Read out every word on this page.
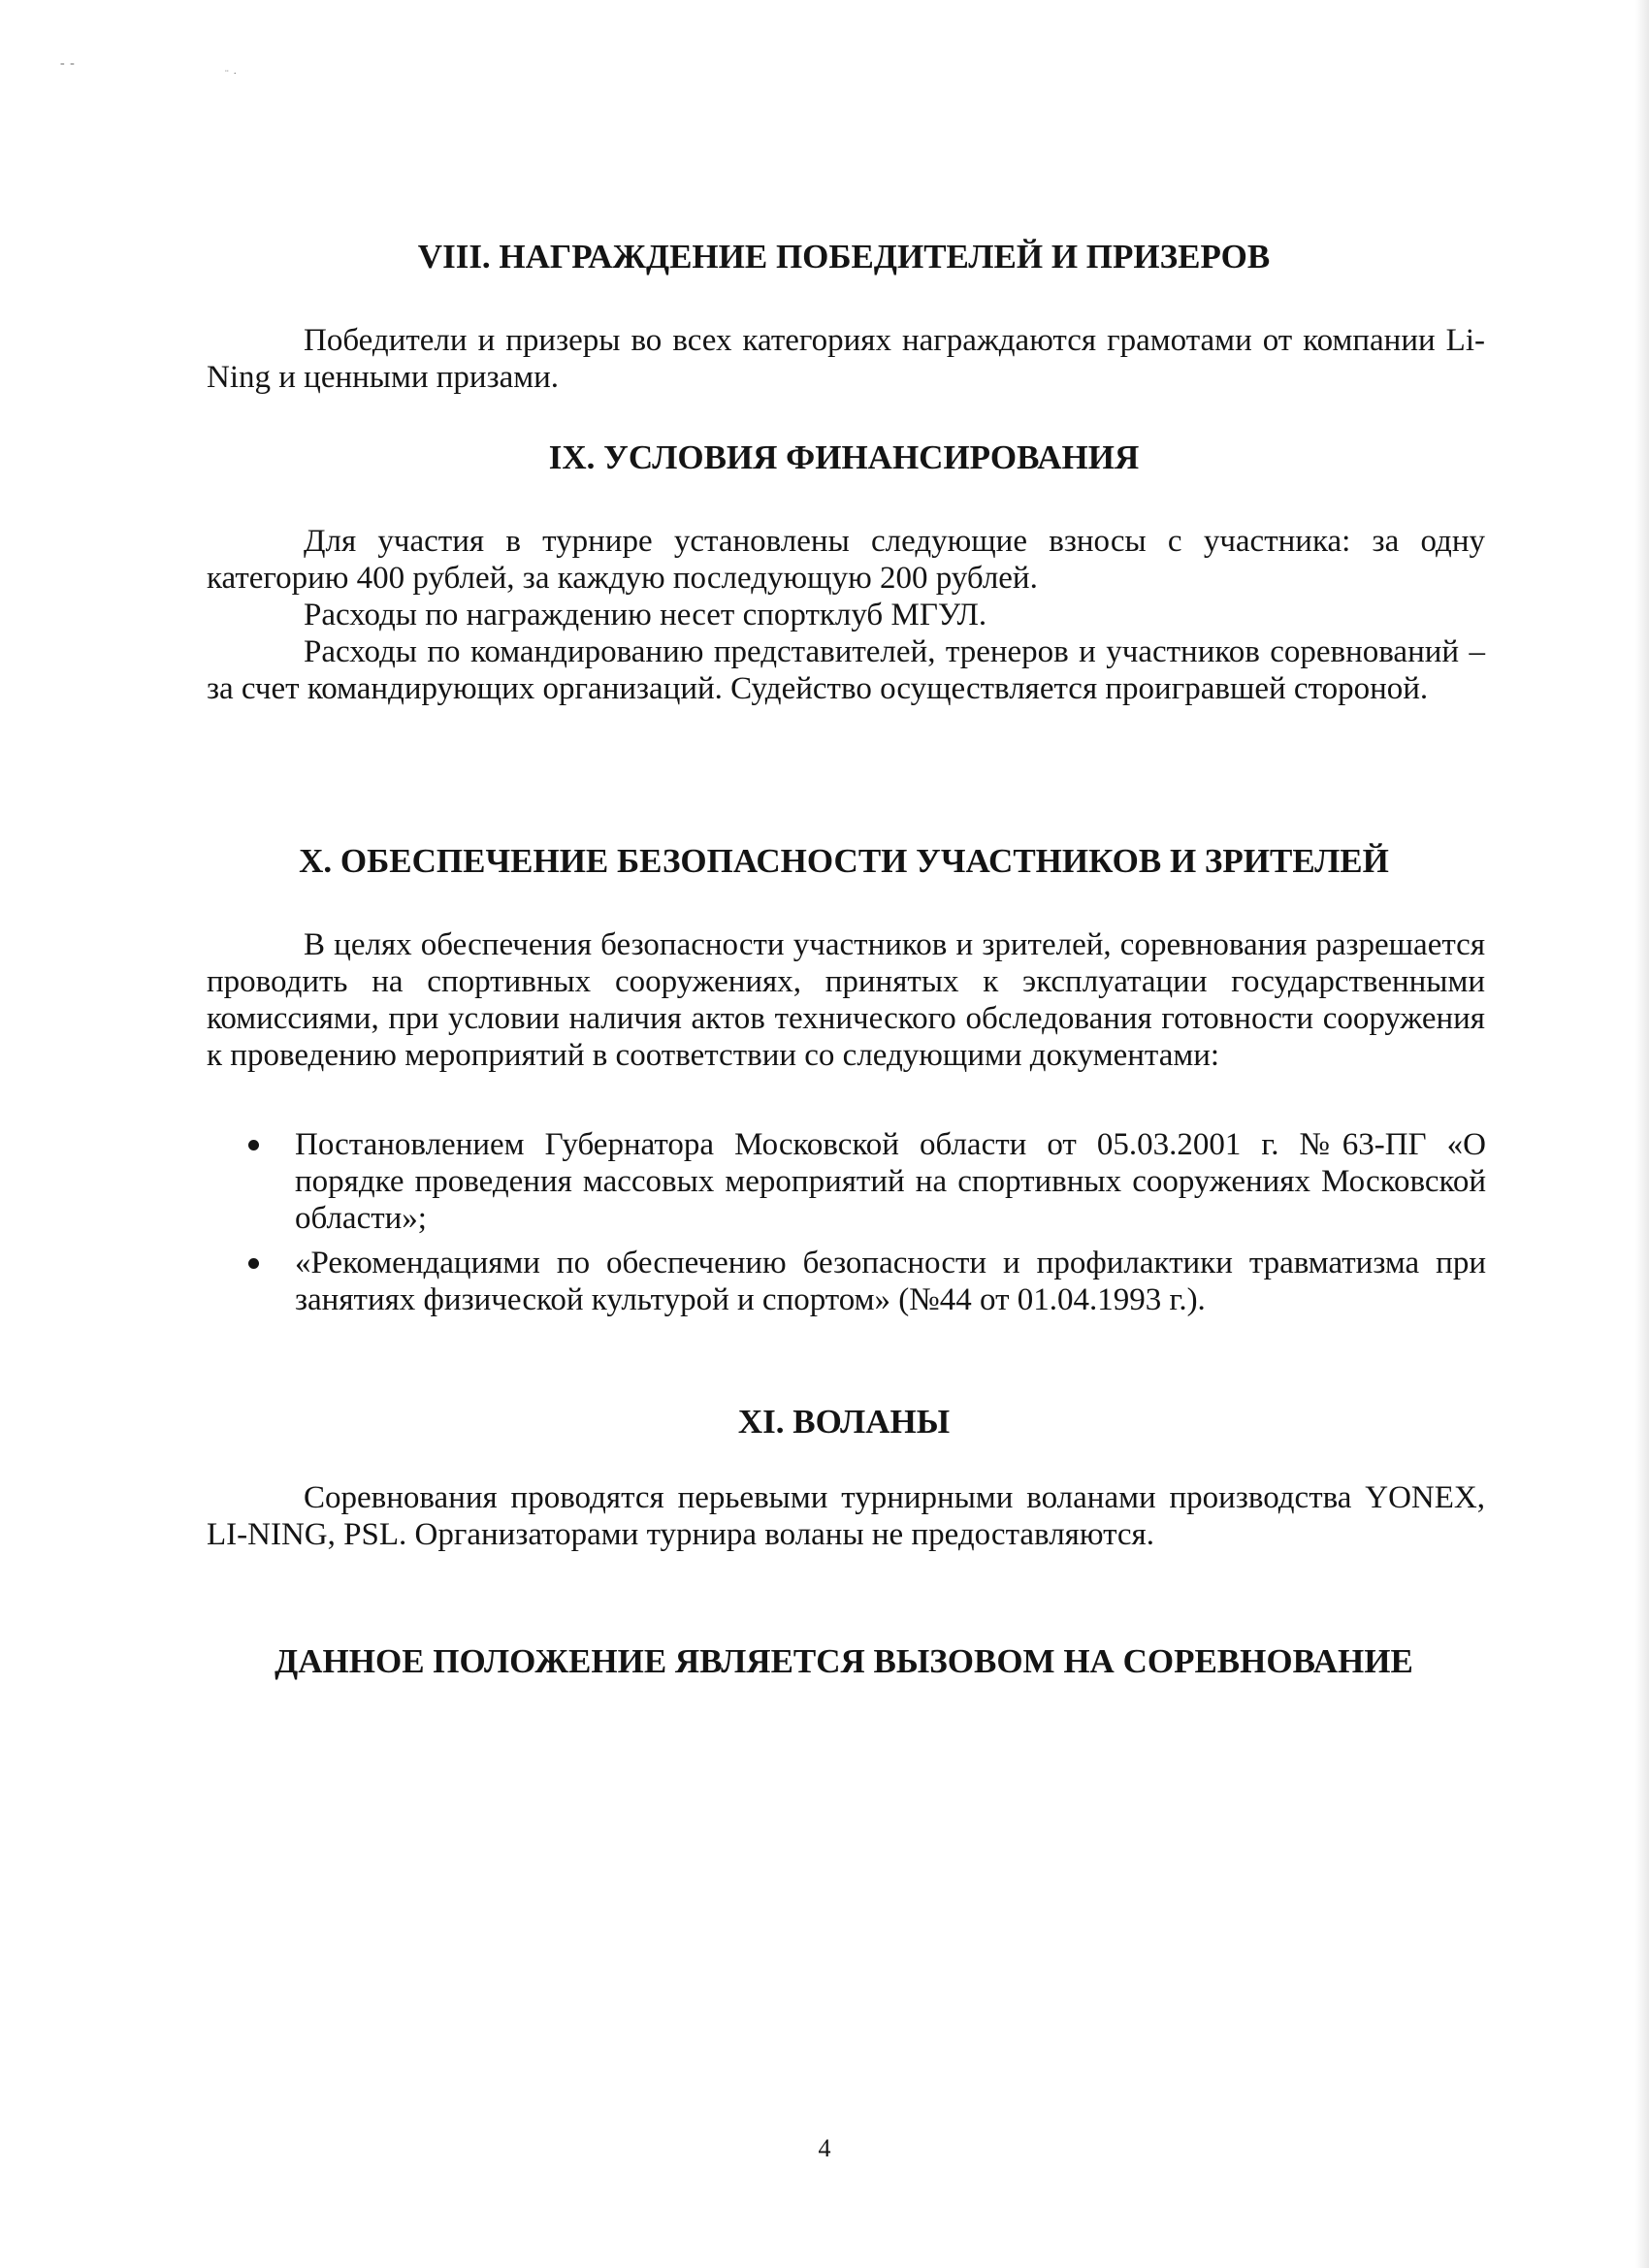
- -
¨ ·
VIII. НАГРАЖДЕНИЕ ПОБЕДИТЕЛЕЙ И ПРИЗЕРОВ

Победители и призеры во всех категориях награждаются грамотами от компании Li-Ning и ценными призами.

IX. УСЛОВИЯ ФИНАНСИРОВАНИЯ

Для участия в турнире установлены следующие взносы с участника: за одну категорию 400 рублей, за каждую последующую 200 рублей.

Расходы по награждению несет спортклуб МГУЛ.

Расходы по командированию представителей, тренеров и участников соревнований – за счет командирующих организаций. Судейство осуществляется проигравшей стороной.

X. ОБЕСПЕЧЕНИЕ БЕЗОПАСНОСТИ УЧАСТНИКОВ И ЗРИТЕЛЕЙ

В целях обеспечения безопасности участников и зрителей, соревнования разрешается проводить на спортивных сооружениях, принятых к эксплуатации государственными комиссиями, при условии наличия актов технического обследования готовности сооружения к проведению мероприятий в соответствии со следующими документами:

Постановлением Губернатора Московской области от 05.03.2001 г. №63-ПГ «О порядке проведения массовых мероприятий на спортивных сооружениях Московской области»;
«Рекомендациями по обеспечению безопасности и профилактики травматизма при занятиях физической культурой и спортом» (№44 от 01.04.1993 г.).
XI. ВОЛАНЫ

Соревнования проводятся перьевыми турнирными воланами производства YONEX, LI-NING, PSL. Организаторами турнира воланы не предоставляются.

ДАННОЕ ПОЛОЖЕНИЕ ЯВЛЯЕТСЯ ВЫЗОВОМ НА СОРЕВНОВАНИЕ
4
